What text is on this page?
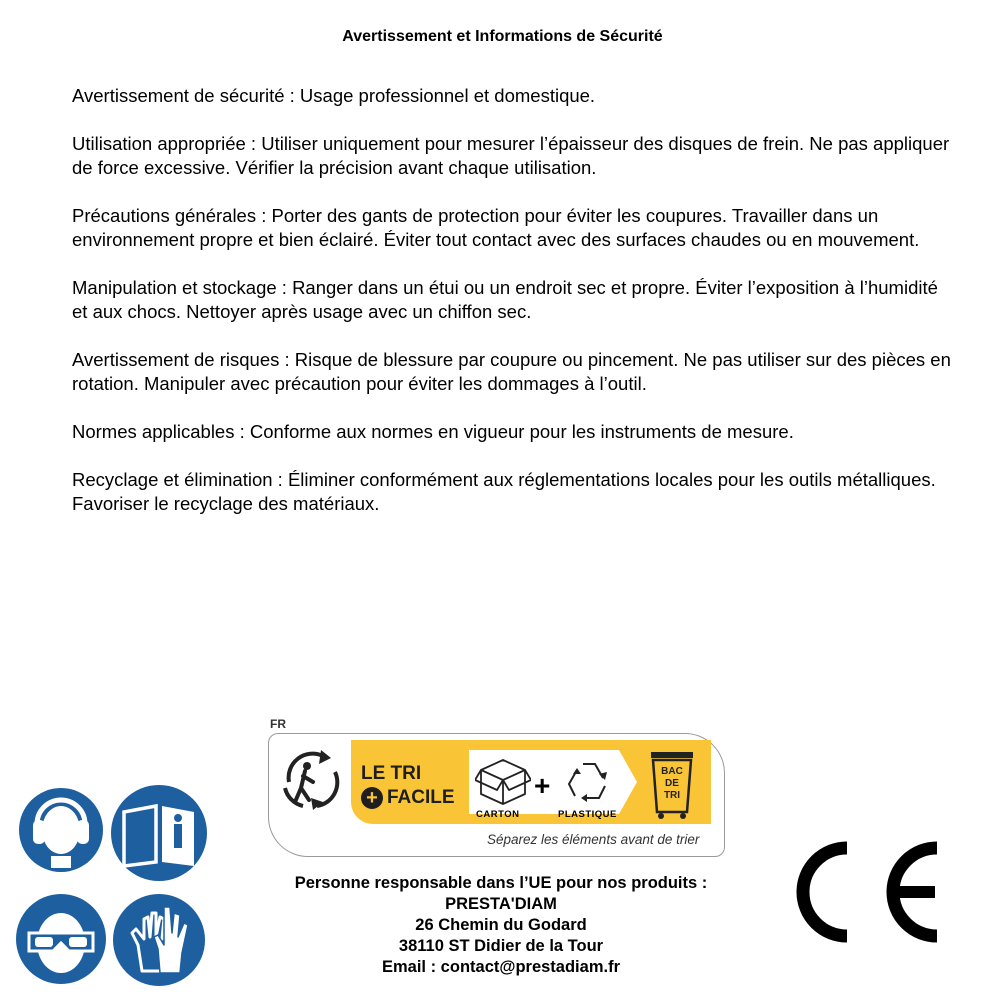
Avertissement et Informations de Sécurité

Avertissement de sécurité : Usage professionnel et domestique.

Utilisation appropriée : Utiliser uniquement pour mesurer l’épaisseur des disques de frein. Ne pas appliquer de force excessive. Vérifier la précision avant chaque utilisation.

Précautions générales : Porter des gants de protection pour éviter les coupures. Travailler dans un environnement propre et bien éclairé. Éviter tout contact avec des surfaces chaudes ou en mouvement.

Manipulation et stockage : Ranger dans un étui ou un endroit sec et propre. Éviter l’exposition à l’humidité et aux chocs. Nettoyer après usage avec un chiffon sec.

Avertissement de risques : Risque de blessure par coupure ou pincement. Ne pas utiliser sur des pièces en rotation. Manipuler avec précaution pour éviter les dommages à l’outil.

Normes applicables : Conforme aux normes en vigueur pour les instruments de mesure.

Recyclage et élimination : Éliminer conformément aux réglementations locales pour les outils métalliques. Favoriser le recyclage des matériaux.

FR
LE TRI
+ FACILE	+
CARTON	PLASTIQUE
BAC
DE
TRI
Séparez les éléments avant de trier
Personne responsable dans l’UE pour nos produits :
PRESTA'DIAM
26 Chemin du Godard
38110 ST Didier de la Tour
Email : contact@prestadiam.fr
